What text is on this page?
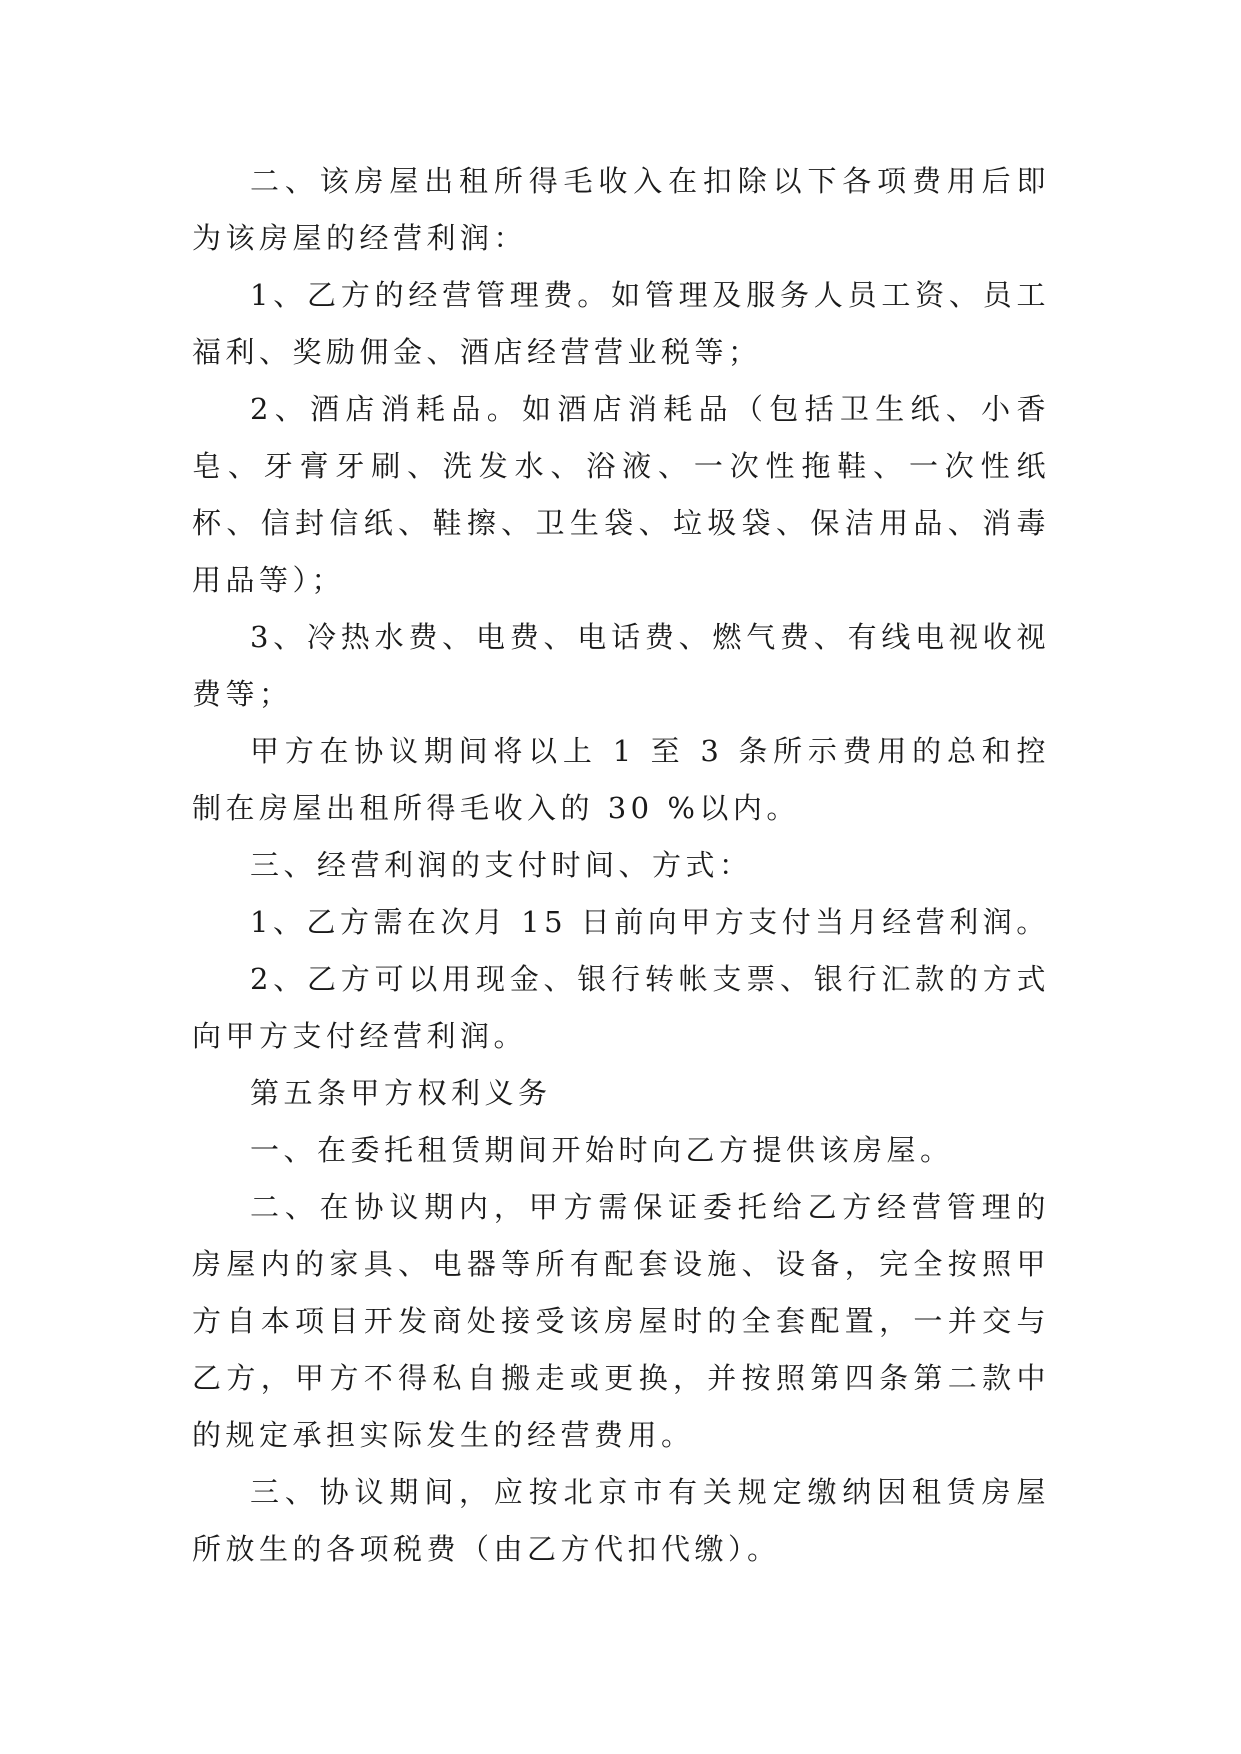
二、该房屋出租所得毛收入在扣除以下各项费用后即为该房屋的经营利润：

1、乙方的经营管理费。如管理及服务人员工资、员工福利、奖励佣金、酒店经营营业税等；

2、酒店消耗品。如酒店消耗品（包括卫生纸、小香皂、牙膏牙刷、洗发水、浴液、一次性拖鞋、一次性纸杯、信封信纸、鞋擦、卫生袋、垃圾袋、保洁用品、消毒用品等）；

3、冷热水费、电费、电话费、燃气费、有线电视收视费等；

甲方在协议期间将以上 1 至 3 条所示费用的总和控制在房屋出租所得毛收入的 30 %以内。

三、经营利润的支付时间、方式：

1、乙方需在次月 15 日前向甲方支付当月经营利润。

2、乙方可以用现金、银行转帐支票、银行汇款的方式向甲方支付经营利润。

第五条甲方权利义务

一、在委托租赁期间开始时向乙方提供该房屋。

二、在协议期内，甲方需保证委托给乙方经营管理的房屋内的家具、电器等所有配套设施、设备，完全按照甲方自本项目开发商处接受该房屋时的全套配置，一并交与乙方，甲方不得私自搬走或更换，并按照第四条第二款中的规定承担实际发生的经营费用。

三、协议期间，应按北京市有关规定缴纳因租赁房屋所放生的各项税费（由乙方代扣代缴）。
